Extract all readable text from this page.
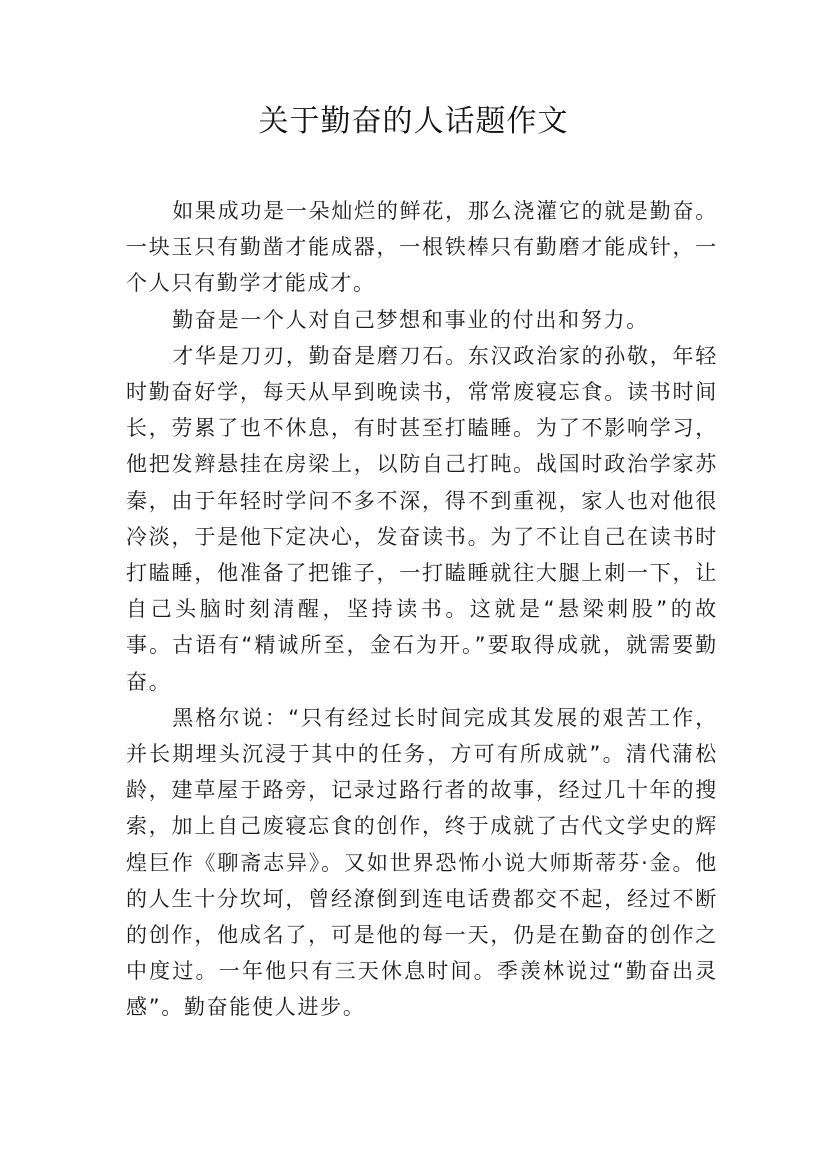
关于勤奋的人话题作文

如果成功是一朵灿烂的鲜花，那么浇灌它的就是勤奋。一块玉只有勤凿才能成器，一根铁棒只有勤磨才能成针，一个人只有勤学才能成才。

勤奋是一个人对自己梦想和事业的付出和努力。

才华是刀刃，勤奋是磨刀石。东汉政治家的孙敬，年轻时勤奋好学，每天从早到晚读书，常常废寝忘食。读书时间长，劳累了也不休息，有时甚至打瞌睡。为了不影响学习，他把发辫悬挂在房梁上，以防自己打盹。战国时政治学家苏秦，由于年轻时学问不多不深，得不到重视，家人也对他很冷淡，于是他下定决心，发奋读书。为了不让自己在读书时打瞌睡，他准备了把锥子，一打瞌睡就往大腿上刺一下，让自己头脑时刻清醒，坚持读书。这就是“悬梁刺股”的故事。古语有“精诚所至，金石为开。”要取得成就，就需要勤奋。

黑格尔说：“只有经过长时间完成其发展的艰苦工作，并长期埋头沉浸于其中的任务，方可有所成就”。清代蒲松龄，建草屋于路旁，记录过路行者的故事，经过几十年的搜索，加上自己废寝忘食的创作，终于成就了古代文学史的辉煌巨作《聊斋志异》。又如世界恐怖小说大师斯蒂芬·金。他的人生十分坎坷，曾经潦倒到连电话费都交不起，经过不断的创作，他成名了，可是他的每一天，仍是在勤奋的创作之中度过。一年他只有三天休息时间。季羡林说过“勤奋出灵感”。勤奋能使人进步。
